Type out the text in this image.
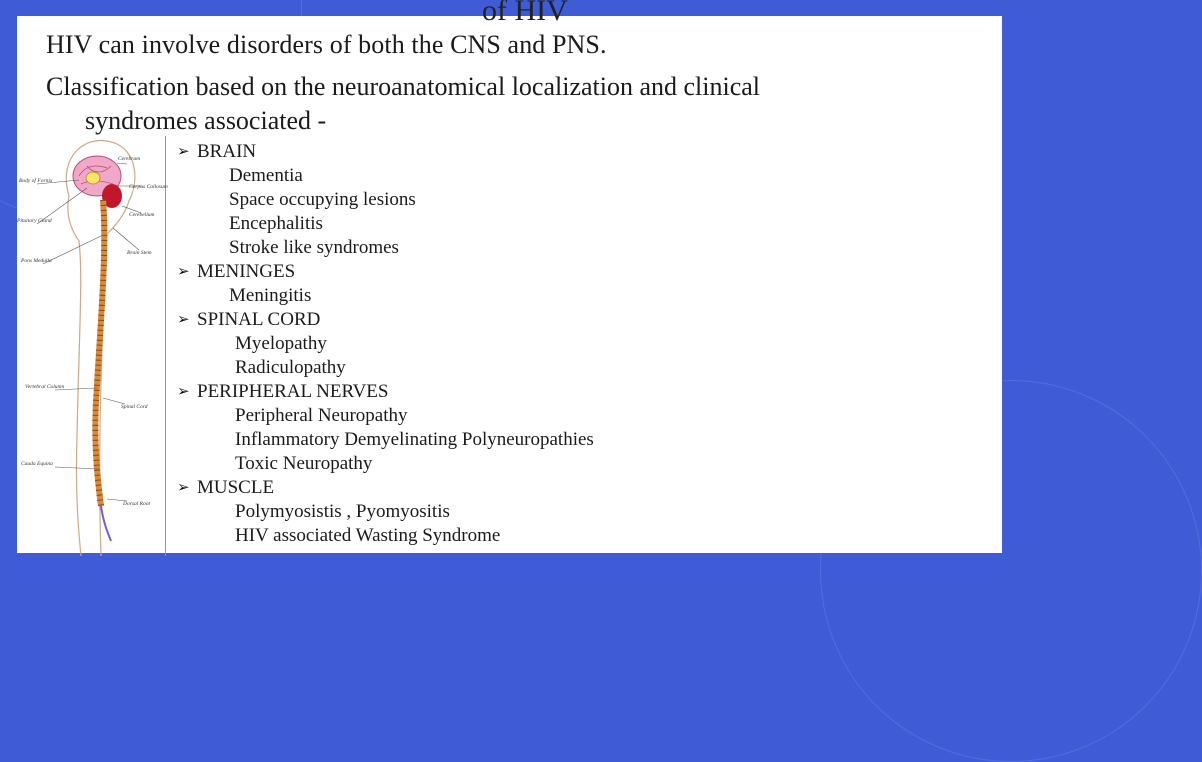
of HIV
HIV can involve disorders of both the CNS and PNS.
Classification based on the neuroanatomical localization and clinical
syndromes associated -
Body of Fornix
Cerebrum
Corpus Callosum
Pituitary Gland
Cerebellum
Pons Medulla
Brain Stem
Vertebral Column
Spinal Cord
Cauda Equina
Dorsal Root
➢ BRAIN
Dementia
Space occupying lesions
Encephalitis
Stroke like syndromes
➢ MENINGES
Meningitis
➢ SPINAL CORD
Myelopathy
Radiculopathy
➢ PERIPHERAL NERVES
Peripheral Neuropathy
Inflammatory Demyelinating Polyneuropathies
Toxic Neuropathy
➢ MUSCLE
Polymyosistis , Pyomyositis
HIV associated Wasting Syndrome
